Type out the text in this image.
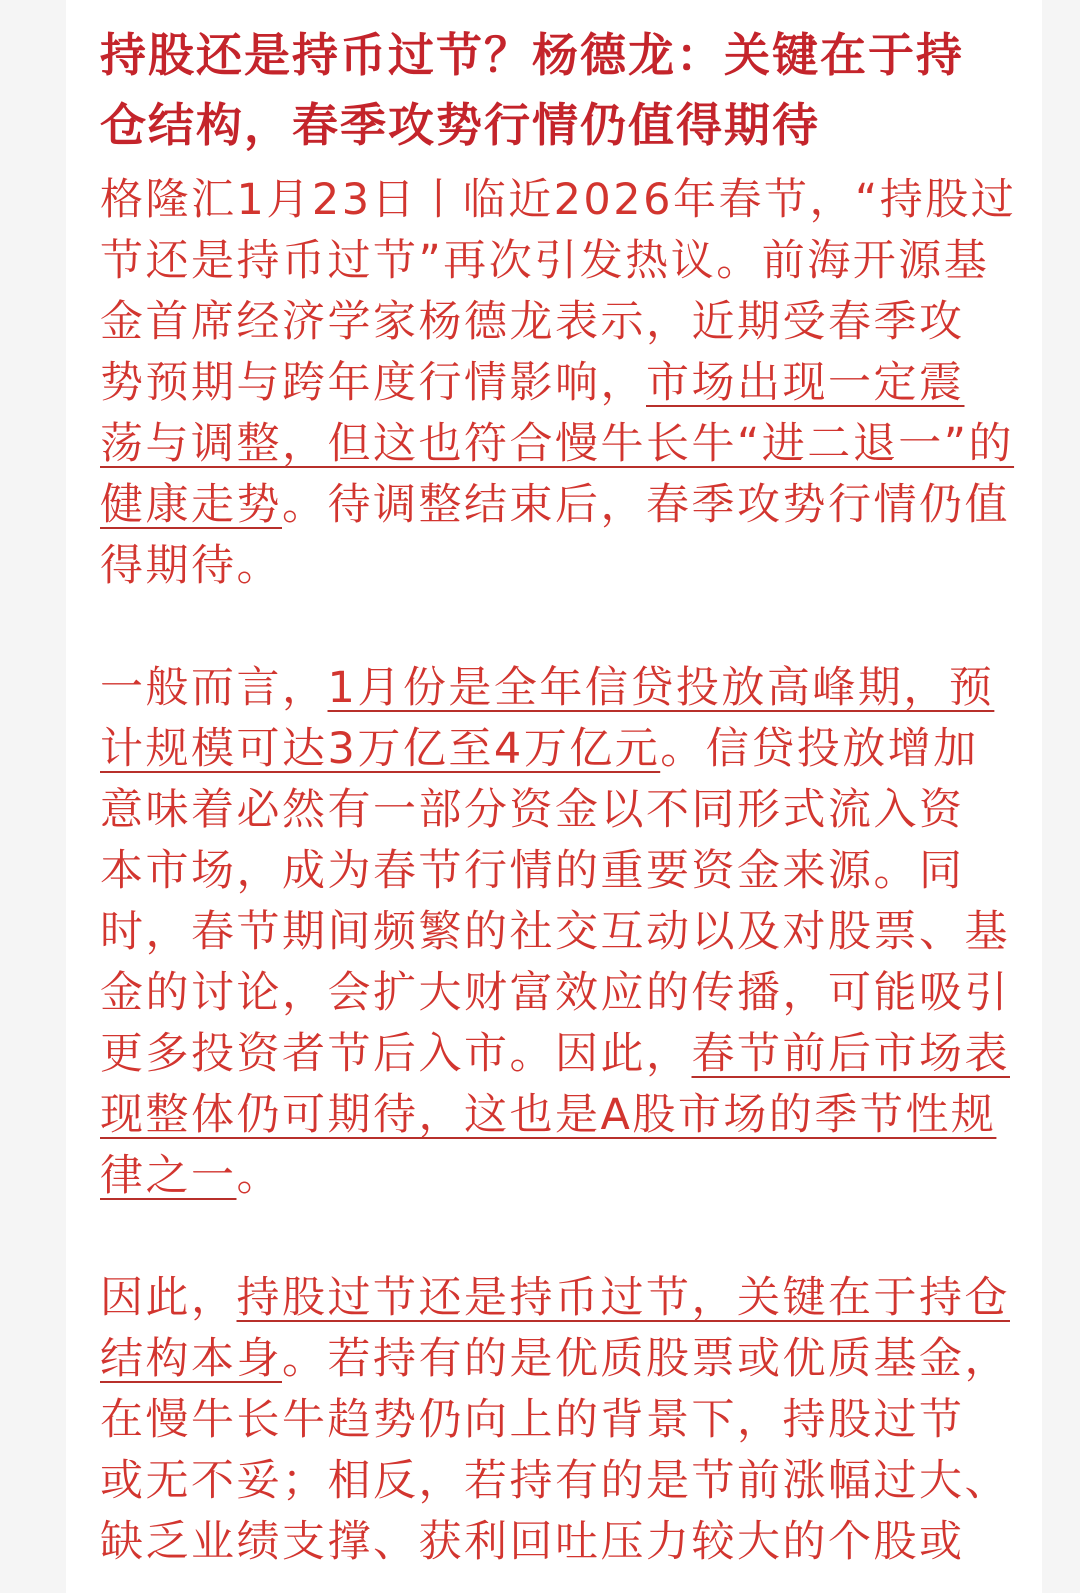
持股还是持币过节？杨德龙：关键在于持
仓结构，春季攻势行情仍值得期待
格隆汇1月23日丨临近2026年春节，“持股过
节还是持币过节”再次引发热议。前海开源基
金首席经济学家杨德龙表示，近期受春季攻
势预期与跨年度行情影响，市场出现一定震
荡与调整，但这也符合慢牛长牛“进二退一”的
健康走势。待调整结束后，春季攻势行情仍值
得期待。
一般而言，1月份是全年信贷投放高峰期，预
计规模可达3万亿至4万亿元。信贷投放增加
意味着必然有一部分资金以不同形式流入资
本市场，成为春节行情的重要资金来源。同
时，春节期间频繁的社交互动以及对股票、基
金的讨论，会扩大财富效应的传播，可能吸引
更多投资者节后入市。因此，春节前后市场表
现整体仍可期待，这也是A股市场的季节性规
律之一。
因此，持股过节还是持币过节，关键在于持仓
结构本身。若持有的是优质股票或优质基金，
在慢牛长牛趋势仍向上的背景下，持股过节
或无不妥；相反，若持有的是节前涨幅过大、
缺乏业绩支撑、获利回吐压力较大的个股或
